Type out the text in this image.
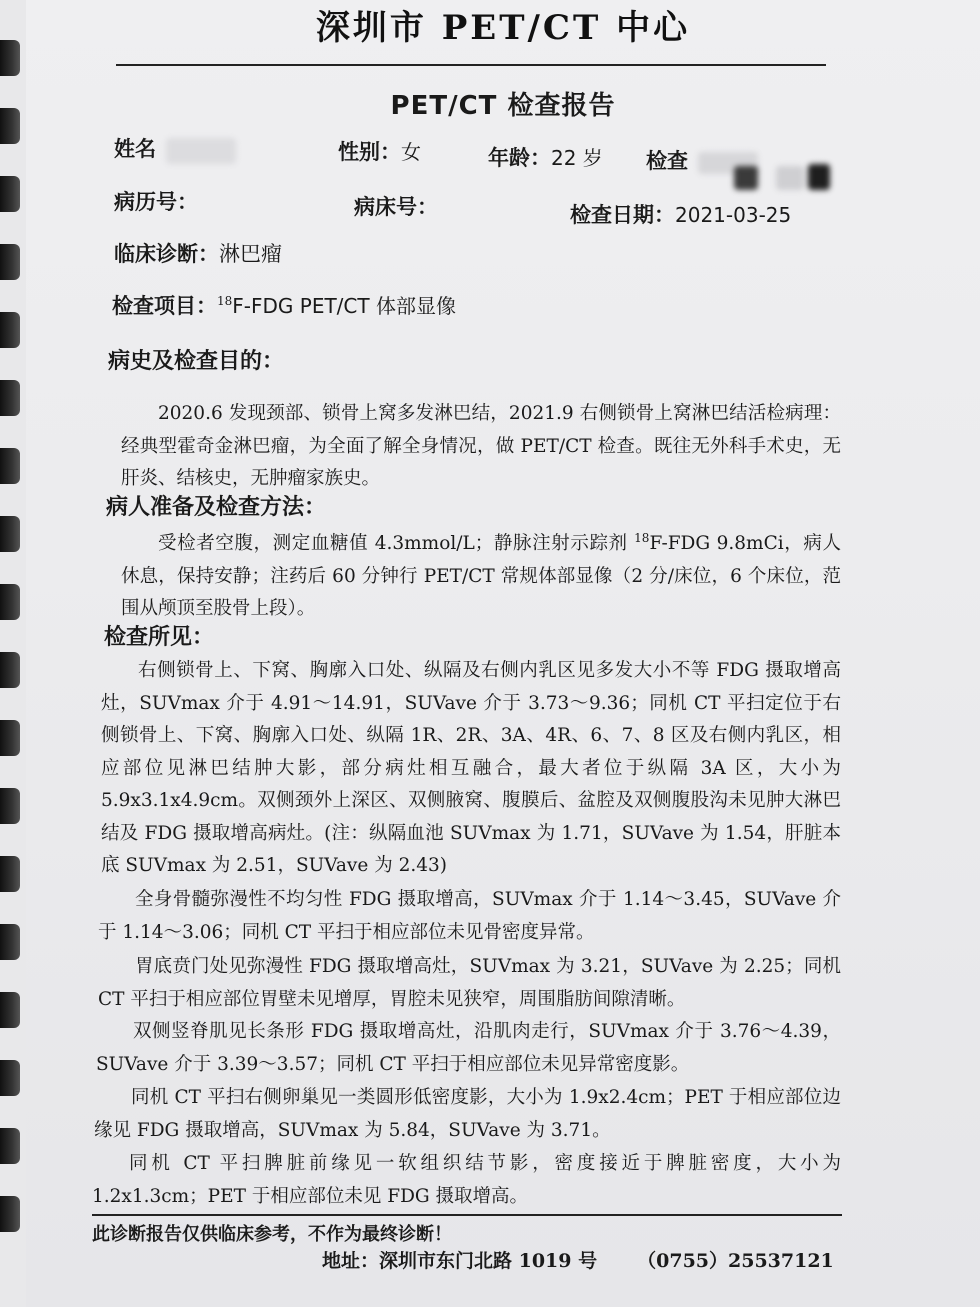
深圳市 PET/CT 中心
PET/CT 检查报告
姓名	性别：女	年龄：22 岁 检查
病历号：	病床号：	检查日期：2021-03-25
临床诊断：淋巴瘤
检查项目：$^{18}$F-FDG PET/CT 体部显像
病史及检查目的：
2020.6 发现颈部、锁骨上窝多发淋巴结，2021.9 右侧锁骨上窝淋巴结活检病理：经典型霍奇金淋巴瘤，为全面了解全身情况，做 PET/CT 检查。既往无外科手术史，无肝炎、结核史，无肿瘤家族史。
病人准备及检查方法：
受检者空腹，测定血糖值 4.3mmol/L；静脉注射示踪剂 $^{18}$F-FDG 9.8mCi，病人休息，保持安静；注药后 60 分钟行 PET/CT 常规体部显像（2 分/床位，6 个床位，范围从颅顶至股骨上段）。
检查所见：
右侧锁骨上、下窝、胸廓入口处、纵隔及右侧内乳区见多发大小不等 FDG 摄取增高灶，SUVmax 介于 4.91～14.91，SUVave 介于 3.73～9.36；同机 CT 平扫定位于右侧锁骨上、下窝、胸廓入口处、纵隔 1R、2R、3A、4R、6、7、8 区及右侧内乳区，相应部位见淋巴结肿大影，部分病灶相互融合，最大者位于纵隔 3A 区，大小为 5.9x3.1x4.9cm。双侧颈外上深区、双侧腋窝、腹膜后、盆腔及双侧腹股沟未见肿大淋巴结及 FDG 摄取增高病灶。(注：纵隔血池 SUVmax 为 1.71，SUVave 为 1.54，肝脏本底 SUVmax 为 2.51，SUVave 为 2.43)
全身骨髓弥漫性不均匀性 FDG 摄取增高，SUVmax 介于 1.14～3.45，SUVave 介于 1.14～3.06；同机 CT 平扫于相应部位未见骨密度异常。
胃底贲门处见弥漫性 FDG 摄取增高灶，SUVmax 为 3.21，SUVave 为 2.25；同机 CT 平扫于相应部位胃壁未见增厚，胃腔未见狭窄，周围脂肪间隙清晰。
双侧竖脊肌见长条形 FDG 摄取增高灶，沿肌肉走行，SUVmax 介于 3.76～4.39，SUVave 介于 3.39～3.57；同机 CT 平扫于相应部位未见异常密度影。
同机 CT 平扫右侧卵巢见一类圆形低密度影，大小为 1.9x2.4cm；PET 于相应部位边缘见 FDG 摄取增高，SUVmax 为 5.84，SUVave 为 3.71。
同机 CT 平扫脾脏前缘见一软组织结节影，密度接近于脾脏密度，大小为 1.2x1.3cm；PET 于相应部位未见 FDG 摄取增高。
此诊断报告仅供临床参考，不作为最终诊断！
地址：深圳市东门北路 1019 号 （0755）25537121
